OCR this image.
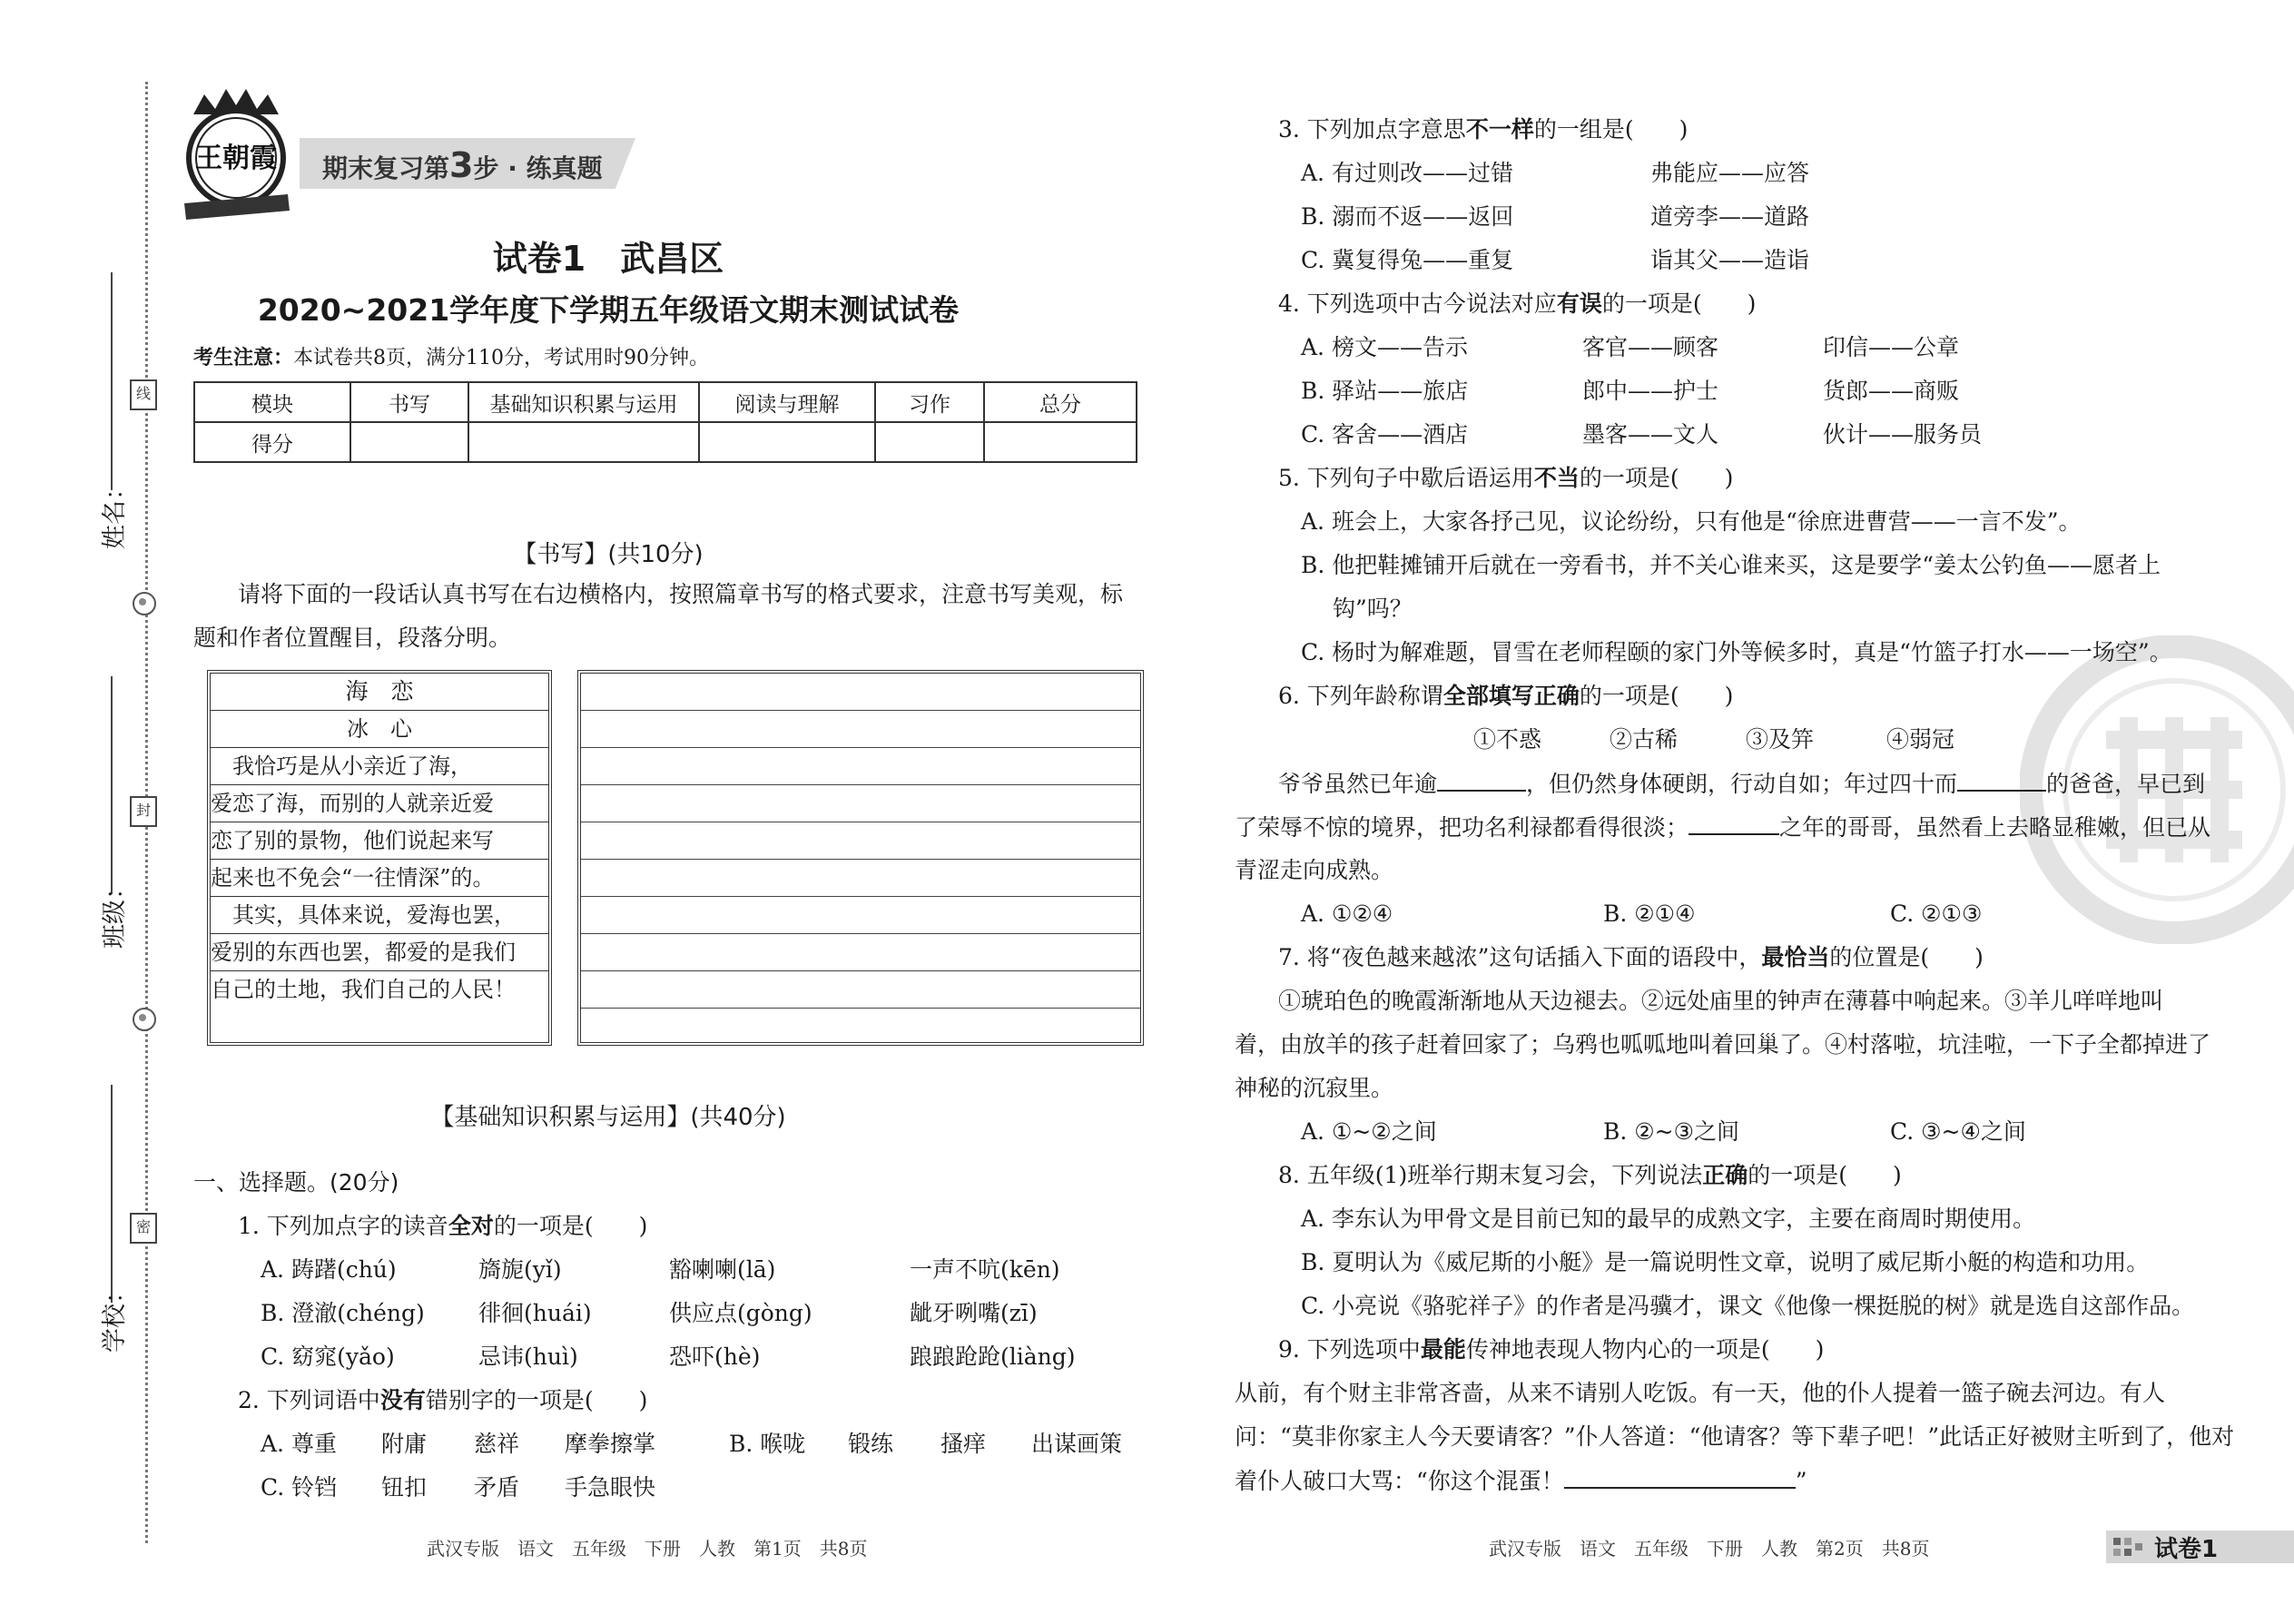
姓名：
班级：
学校：
线
封
密
王朝霞 期末复习第3步 · 练真题
试卷1　武昌区
2020~2021学年度下学期五年级语文期末测试试卷
考生注意：本试卷共8页，满分110分，考试用时90分钟。
模块	书写	基础知识积累与运用	阅读与理解	习作	总分
得分					
【书写】(共10分)
请将下面的一段话认真书写在右边横格内，按照篇章书写的格式要求，注意书写美观，标
题和作者位置醒目，段落分明。
海　恋
冰　心
　我恰巧是从小亲近了海，
爱恋了海，而别的人就亲近爱
恋了别的景物，他们说起来写
起来也不免会“一往情深”的。
　其实，具体来说，爱海也罢，
爱别的东西也罢，都爱的是我们
自己的土地，我们自己的人民！
【基础知识积累与运用】(共40分)
一、选择题。(20分)
1. 下列加点字的读音全对的一项是(　　)
A. 踌躇(chú)	旖旎(yǐ)	豁喇喇(lā)	一声不吭(kēn)
B. 澄澈(chéng) 徘徊(huái)	供应点(gòng)	龇牙咧嘴(zī)
C. 窈窕(yǎo)	忌讳(huì)	恐吓(hè)	踉踉跄跄(liàng)
2. 下列词语中没有错别字的一项是(　　)
A. 尊重 附庸 慈祥 摩拳擦掌	B. 喉咙 锻练 搔痒 出谋画策
C. 铃铛 钮扣 矛盾 手急眼快
武汉专版　语文　五年级　下册　人教　第1页　共8页
3. 下列加点字意思不一样的一组是(　　)
A. 有过则改——过错	弗能应——应答
B. 溺而不返——返回	道旁李——道路
C. 冀复得兔——重复	诣其父——造诣
4. 下列选项中古今说法对应有误的一项是(　　)
A. 榜文——告示	客官——顾客	印信——公章
B. 驿站——旅店	郎中——护士	货郎——商贩
C. 客舍——酒店	墨客——文人	伙计——服务员
5. 下列句子中歇后语运用不当的一项是(　　)
A. 班会上，大家各抒己见，议论纷纷，只有他是“徐庶进曹营——一言不发”。
B. 他把鞋摊铺开后就在一旁看书，并不关心谁来买，这是要学“姜太公钓鱼——愿者上
钩”吗？
C. 杨时为解难题，冒雪在老师程颐的家门外等候多时，真是“竹篮子打水——一场空”。
6. 下列年龄称谓全部填写正确的一项是(　　)
①不惑	②古稀	③及笄	④弱冠
爷爷虽然已年逾	，但仍然身体硬朗，行动自如；年过四十而	的爸爸，早已到
了荣辱不惊的境界，把功名利禄都看得很淡；	之年的哥哥，虽然看上去略显稚嫩，但已从
青涩走向成熟。
A. ①②④	B. ②①④	C. ②①③
7. 将“夜色越来越浓”这句话插入下面的语段中，最恰当的位置是(　　)
①琥珀色的晚霞渐渐地从天边褪去。②远处庙里的钟声在薄暮中响起来。③羊儿咩咩地叫
着，由放羊的孩子赶着回家了；乌鸦也呱呱地叫着回巢了。④村落啦，坑洼啦，一下子全都掉进了
神秘的沉寂里。
A. ①~②之间	B. ②~③之间	C. ③~④之间
8. 五年级(1)班举行期末复习会，下列说法正确的一项是(　　)
A. 李东认为甲骨文是目前已知的最早的成熟文字，主要在商周时期使用。
B. 夏明认为《威尼斯的小艇》是一篇说明性文章，说明了威尼斯小艇的构造和功用。
C. 小亮说《骆驼祥子》的作者是冯骥才，课文《他像一棵挺脱的树》就是选自这部作品。
9. 下列选项中最能传神地表现人物内心的一项是(　　)
从前，有个财主非常吝啬，从来不请别人吃饭。有一天，他的仆人提着一篮子碗去河边。有人
问：“莫非你家主人今天要请客？”仆人答道：“他请客？等下辈子吧！”此话正好被财主听到了，他对
着仆人破口大骂：“你这个混蛋！	”
武汉专版　语文　五年级　下册　人教　第2页　共8页	试卷1
